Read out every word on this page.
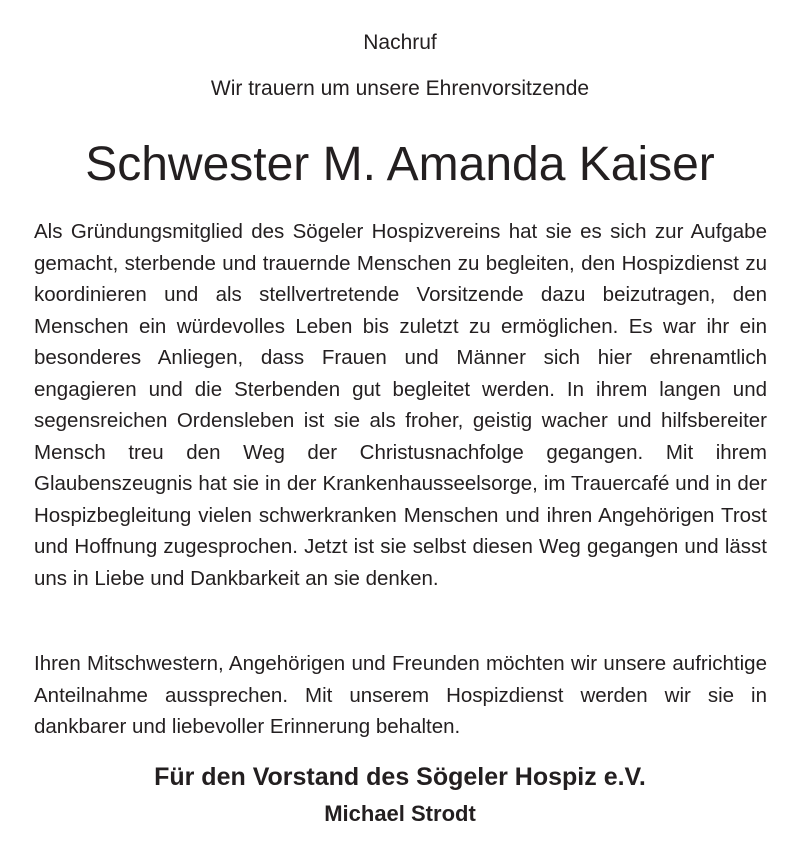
Nachruf
Wir trauern um unsere Ehrenvorsitzende
Schwester M. Amanda Kaiser
Als Gründungsmitglied des Sögeler Hospizvereins hat sie es sich zur Aufgabe gemacht, sterbende und trauernde Menschen zu begleiten, den Hospizdienst zu koordinieren und als stellvertretende Vorsitzende dazu beizutragen, den Menschen ein würdevolles Leben bis zuletzt zu ermöglichen. Es war ihr ein besonderes Anliegen, dass Frauen und Männer sich hier ehrenamtlich engagieren und die Sterbenden gut begleitet werden. In ihrem langen und segensreichen Ordensleben ist sie als froher, geistig wacher und hilfsbereiter Mensch treu den Weg der Christusnachfolge gegangen. Mit ihrem Glaubenszeugnis hat sie in der Krankenhausseelsorge, im Trauercafé und in der Hospizbegleitung vielen schwerkranken Menschen und ihren Angehörigen Trost und Hoffnung zugesprochen. Jetzt ist sie selbst diesen Weg gegangen und lässt uns in Liebe und Dankbarkeit an sie denken.
Ihren Mitschwestern, Angehörigen und Freunden möchten wir unsere aufrichtige Anteilnahme aussprechen. Mit unserem Hospizdienst werden wir sie in dankbarer und liebevoller Erinnerung behalten.
Für den Vorstand des Sögeler Hospiz e.V.
Michael Strodt
